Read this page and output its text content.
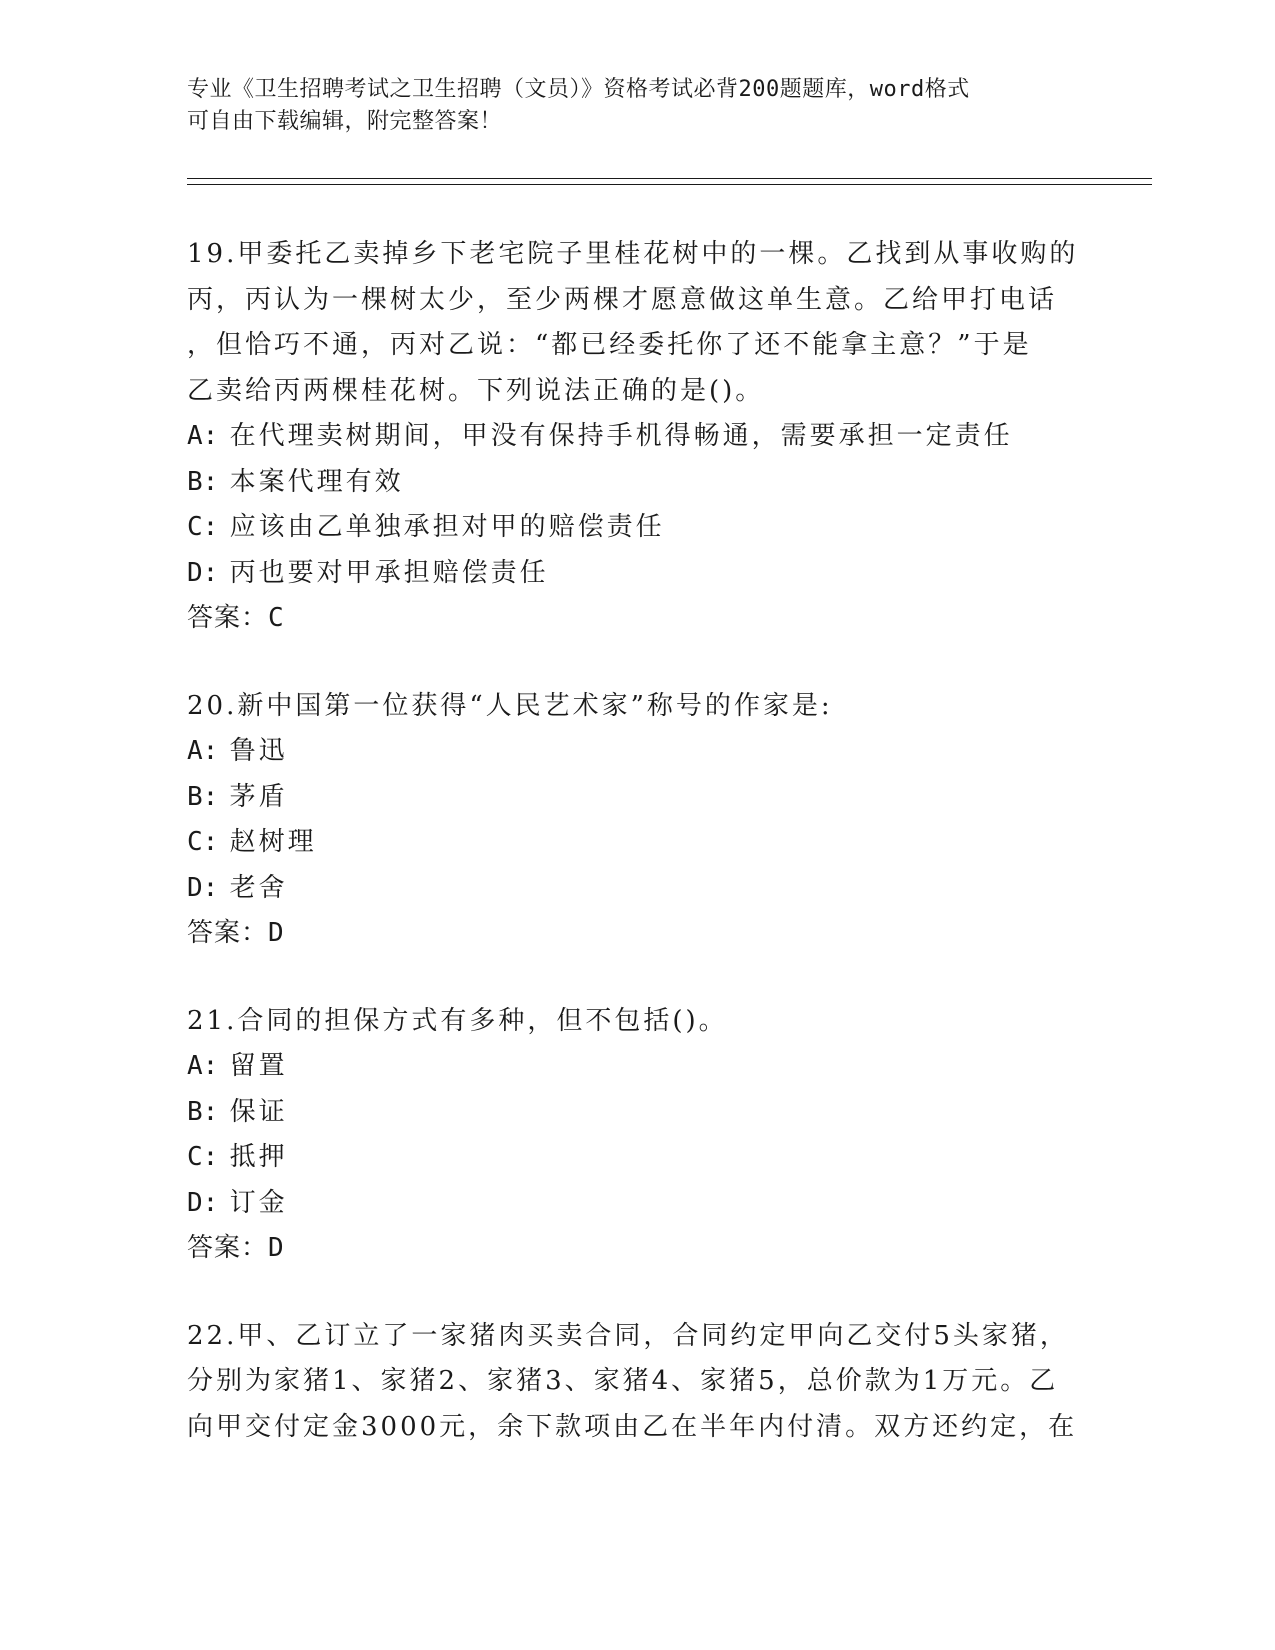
专业《卫生招聘考试之卫生招聘（文员）》资格考试必背200题题库，word格式
可自由下载编辑，附完整答案！
19.甲委托乙卖掉乡下老宅院子里桂花树中的一棵。乙找到从事收购的
丙，丙认为一棵树太少，至少两棵才愿意做这单生意。乙给甲打电话
，但恰巧不通，丙对乙说：“都已经委托你了还不能拿主意？”于是
乙卖给丙两棵桂花树。下列说法正确的是()。
A: 在代理卖树期间，甲没有保持手机得畅通，需要承担一定责任
B: 本案代理有效
C: 应该由乙单独承担对甲的赔偿责任
D: 丙也要对甲承担赔偿责任
答案：C
20.新中国第一位获得“人民艺术家”称号的作家是:
A: 鲁迅
B: 茅盾
C: 赵树理
D: 老舍
答案：D
21.合同的担保方式有多种，但不包括()。
A: 留置
B: 保证
C: 抵押
D: 订金
答案：D
22.甲、乙订立了一家猪肉买卖合同，合同约定甲向乙交付5头家猪，
分别为家猪1、家猪2、家猪3、家猪4、家猪5，总价款为1万元。乙
向甲交付定金3000元，余下款项由乙在半年内付清。双方还约定，在
